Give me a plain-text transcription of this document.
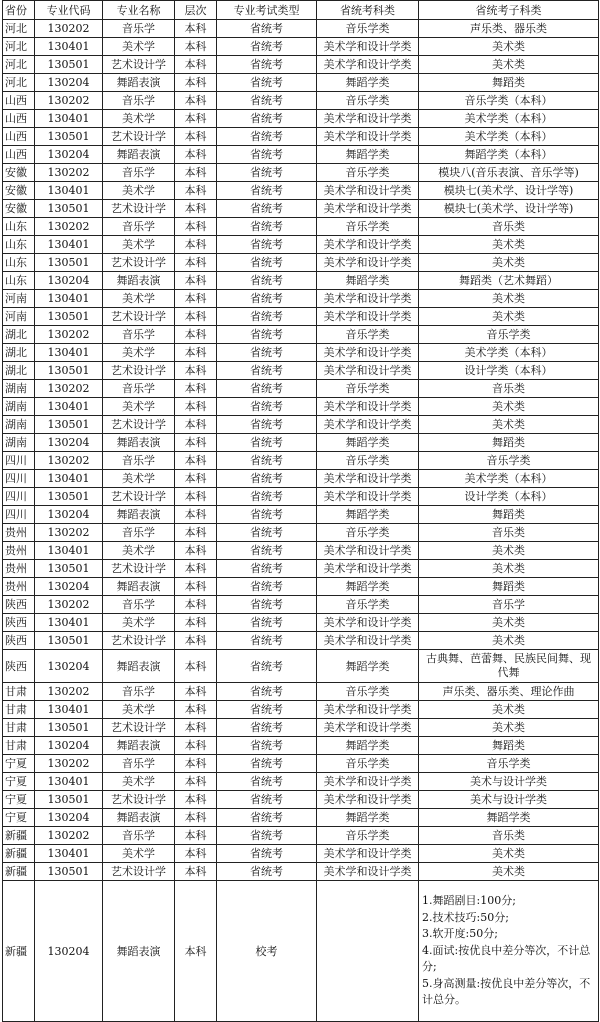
省份	专业代码	专业名称	层次	专业考试类型	省统考科类	省统考子科类
河北	130202	音乐学	本科	省统考	音乐学类	声乐类、器乐类
河北	130401	美术学	本科	省统考	美术学和设计学类	美术类
河北	130501	艺术设计学	本科	省统考	美术学和设计学类	美术类
河北	130204	舞蹈表演	本科	省统考	舞蹈学类	舞蹈类
山西	130202	音乐学	本科	省统考	音乐学类	音乐学类（本科）
山西	130401	美术学	本科	省统考	美术学和设计学类	美术学类（本科）
山西	130501	艺术设计学	本科	省统考	美术学和设计学类	美术学类（本科）
山西	130204	舞蹈表演	本科	省统考	舞蹈学类	舞蹈学类（本科）
安徽	130202	音乐学	本科	省统考	音乐学类	模块八(音乐表演、音乐学等)
安徽	130401	美术学	本科	省统考	美术学和设计学类	模块七(美术学、设计学等)
安徽	130501	艺术设计学	本科	省统考	美术学和设计学类	模块七(美术学、设计学等)
山东	130202	音乐学	本科	省统考	音乐学类	音乐类
山东	130401	美术学	本科	省统考	美术学和设计学类	美术类
山东	130501	艺术设计学	本科	省统考	美术学和设计学类	美术类
山东	130204	舞蹈表演	本科	省统考	舞蹈学类	舞蹈类（艺术舞蹈）
河南	130401	美术学	本科	省统考	美术学和设计学类	美术类
河南	130501	艺术设计学	本科	省统考	美术学和设计学类	美术类
湖北	130202	音乐学	本科	省统考	音乐学类	音乐学类
湖北	130401	美术学	本科	省统考	美术学和设计学类	美术学类（本科）
湖北	130501	艺术设计学	本科	省统考	美术学和设计学类	设计学类（本科）
湖南	130202	音乐学	本科	省统考	音乐学类	音乐类
湖南	130401	美术学	本科	省统考	美术学和设计学类	美术类
湖南	130501	艺术设计学	本科	省统考	美术学和设计学类	美术类
湖南	130204	舞蹈表演	本科	省统考	舞蹈学类	舞蹈类
四川	130202	音乐学	本科	省统考	音乐学类	音乐学类
四川	130401	美术学	本科	省统考	美术学和设计学类	美术学类（本科）
四川	130501	艺术设计学	本科	省统考	美术学和设计学类	设计学类（本科）
四川	130204	舞蹈表演	本科	省统考	舞蹈学类	舞蹈类
贵州	130202	音乐学	本科	省统考	音乐学类	音乐类
贵州	130401	美术学	本科	省统考	美术学和设计学类	美术类
贵州	130501	艺术设计学	本科	省统考	美术学和设计学类	美术类
贵州	130204	舞蹈表演	本科	省统考	舞蹈学类	舞蹈类
陕西	130202	音乐学	本科	省统考	音乐学类	音乐学
陕西	130401	美术学	本科	省统考	美术学和设计学类	美术类
陕西	130501	艺术设计学	本科	省统考	美术学和设计学类	美术类
陕西	130204	舞蹈表演	本科	省统考	舞蹈学类	古典舞、芭蕾舞、民族民间舞、现代舞
甘肃	130202	音乐学	本科	省统考	音乐学类	声乐类、器乐类、理论作曲
甘肃	130401	美术学	本科	省统考	美术学和设计学类	美术类
甘肃	130501	艺术设计学	本科	省统考	美术学和设计学类	美术类
甘肃	130204	舞蹈表演	本科	省统考	舞蹈学类	舞蹈类
宁夏	130202	音乐学	本科	省统考	音乐学类	音乐学类
宁夏	130401	美术学	本科	省统考	美术学和设计学类	美术与设计学类
宁夏	130501	艺术设计学	本科	省统考	美术学和设计学类	美术与设计学类
宁夏	130204	舞蹈表演	本科	省统考	舞蹈学类	舞蹈学类
新疆	130202	音乐学	本科	省统考	音乐学类	音乐类
新疆	130401	美术学	本科	省统考	美术学和设计学类	美术类
新疆	130501	艺术设计学	本科	省统考	美术学和设计学类	美术类
新疆	130204	舞蹈表演	本科	校考		1.舞蹈剧目:100分;
2.技术技巧:50分;
3.软开度:50分;
4.面试:按优良中差分等次，不计总分;
5.身高测量:按优良中差分等次，不计总分。
